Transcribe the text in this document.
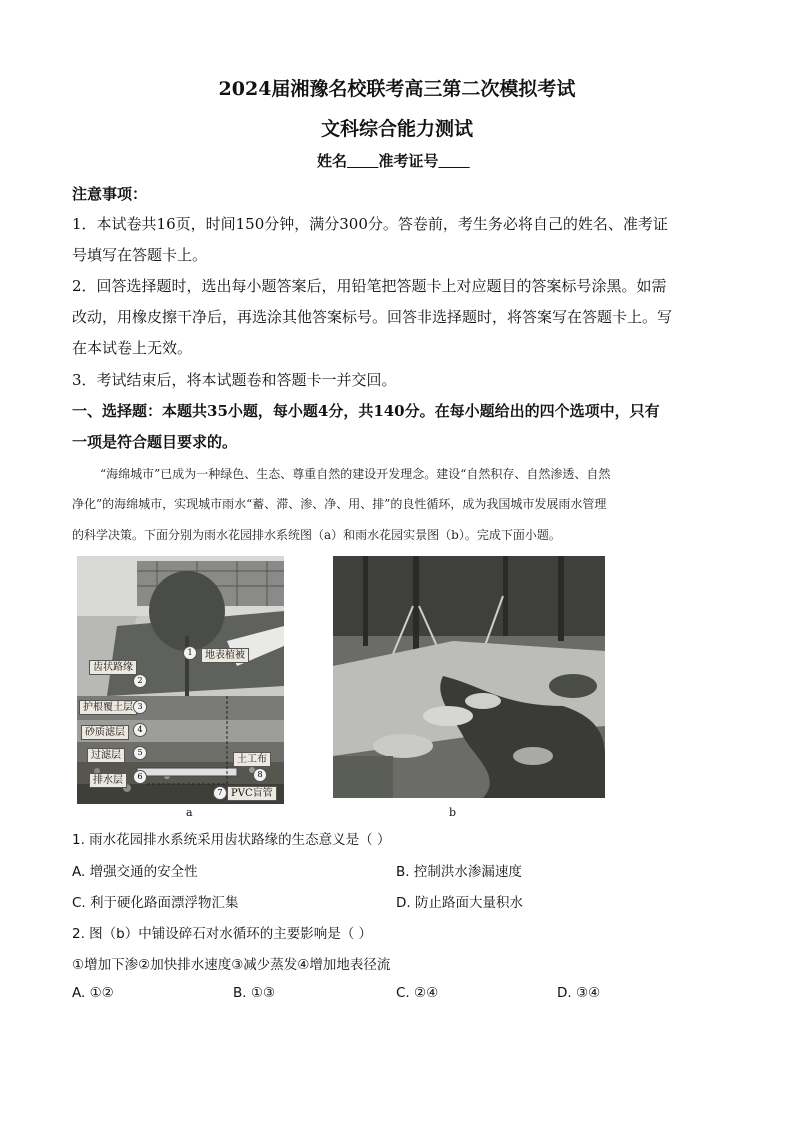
2024届湘豫名校联考高三第二次模拟考试
文科综合能力测试
姓名 准考证号
注意事项：
1．本试卷共16页，时间150分钟，满分300分。答卷前，考生务必将自己的姓名、准考证
号填写在答题卡上。
2．回答选择题时，选出每小题答案后，用铅笔把答题卡上对应题目的答案标号涂黑。如需
改动，用橡皮擦干净后，再选涂其他答案标号。回答非选择题时，将答案写在答题卡上。写
在本试卷上无效。
3．考试结束后，将本试题卷和答题卡一并交回。
一、选择题：本题共35小题，每小题4分，共140分。在每小题给出的四个选项中，只有
一项是符合题目要求的。
“海绵城市”已成为一种绿色、生态、尊重自然的建设开发理念。建设“自然积存、自然渗透、自然
净化”的海绵城市，实现城市雨水“蓄、滞、渗、净、用、排”的良性循环，成为我国城市发展雨水管理
的科学决策。下面分别为雨水花园排水系统图（a）和雨水花园实景图（b）。完成下面小题。
地表植被
齿状路缘
护根覆土层
砂质滤层
过滤层
排水层
土工布
PVC盲管
1
2
3
4
5
6
7
8
a	b
1. 雨水花园排水系统采用齿状路缘的生态意义是（ ）
A. 增强交通的安全性	B. 控制洪水渗漏速度
C. 利于硬化路面漂浮物汇集	D. 防止路面大量积水
2. 图（b）中铺设碎石对水循环的主要影响是（ ）
①增加下渗②加快排水速度③减少蒸发④增加地表径流
A. ①②	B. ①③	C. ②④	D. ③④
